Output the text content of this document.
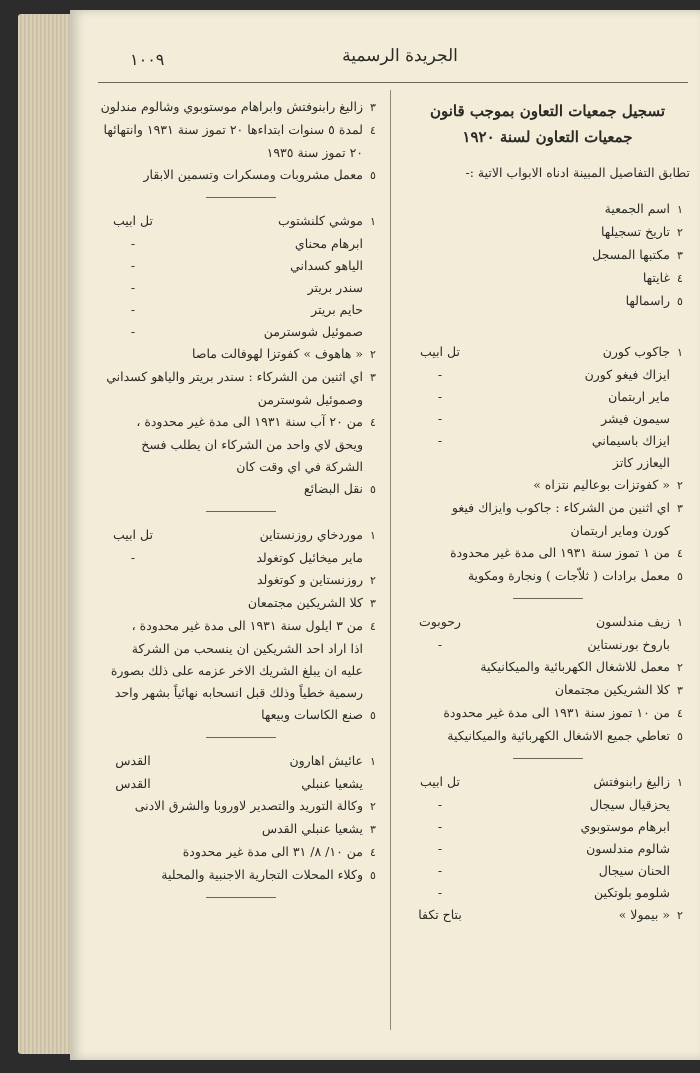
١٠٠٩	الجريدة الرسمية
تسجيل جمعيات التعاون بموجب قانون
جمعيات التعاون لسنة ١٩٢٠
تطابق التفاصيل المبينة ادناه الابواب الاتية :-
١
اسم الجمعية
٢
تاريخ تسجيلها
٣
مكتبها المسجل
٤
غايتها
٥
راسمالها
١
جاكوب كورن
تل ابيب
ايزاك فيغو كورن
-
ماير اربتمان
-
سيمون فيشر
-
ايزاك باسيماني
-
اليعازر كاتز
٢
« كفوتزات بوعاليم نتزاه »
٣
اي اثنين من الشركاء : جاكوب وايزاك فيغو
كورن وماير اربتمان
٤
من ١ تموز سنة ١٩٣١ الى مدة غير محدودة
٥
معمل برادات ( ثلاّجات ) ونجارة ومكوية
١
زيف مندلسون
رحوبوت
باروخ بورنستاين
-
٢
معمل للاشغال الكهربائية والميكانيكية
٣
كلا الشريكين مجتمعان
٤
من ١٠ تموز سنة ١٩٣١ الى مدة غير محدودة
٥
تعاطي جميع الاشغال الكهربائية والميكانيكية
١
زاليغ رابنوفتش
تل ابيب
يحزقيال سيجال
-
ابرهام موستوبوي
-
شالوم مندلسون
-
الحنان سيجال
-
شلومو بلوتكين
-
٢
« بيمولا »
بتاح تكفا
٣
زاليغ رابنوفتش وابراهام موستوبوي وشالوم مندلون
٤
لمدة ٥ سنوات ابتداءها ٢٠ تموز سنة ١٩٣١ وانتهائها
٢٠ تموز سنة ١٩٣٥
٥
معمل مشروبات ومسكرات وتسمين الابقار
١
موشي كلنشتوب
تل ابيب
ابرهام محناي
-
الياهو كسداني
-
سندر بريتر
-
حايم بريتر
-
صموئيل شوسترمن
-
٢
« هاهوف » كفوتزا لهوفالت ماصا
٣
اي اثنين من الشركاء : سندر بريتر والياهو كسداني
وصموئيل شوسترمن
٤
من ٢٠ آب سنة ١٩٣١ الى مدة غير محدودة ،
ويحق لاي واحد من الشركاء ان يطلب فسخ
الشركة في اي وقت كان
٥
نقل البضائع
١
موردخاي روزنستاين
تل ابيب
ماير ميخائيل كوتغولد
-
٢
روزنستاين و كوتغولد
٣
كلا الشريكين مجتمعان
٤
من ٣ ايلول سنة ١٩٣١ الى مدة غير محدودة ،
اذا اراد احد الشريكين ان ينسحب من الشركة
عليه ان يبلغ الشريك الاخر عزمه على ذلك بصورة
رسمية خطياً وذلك قبل انسحابه نهائياً بشهر واحد
٥
صنع الكاسات وبيعها
١
عائيش اهارون
القدس
يشعيا عنبلي
القدس
٢
وكالة التوريد والتصدير لاوروبا والشرق الادنى
٣
يشعيا عنبلي القدس
٤
من ١٠/ ٨/ ٣١ الى مدة غير محدودة
٥
وكلاء المحلات التجارية الاجنبية والمحلية
